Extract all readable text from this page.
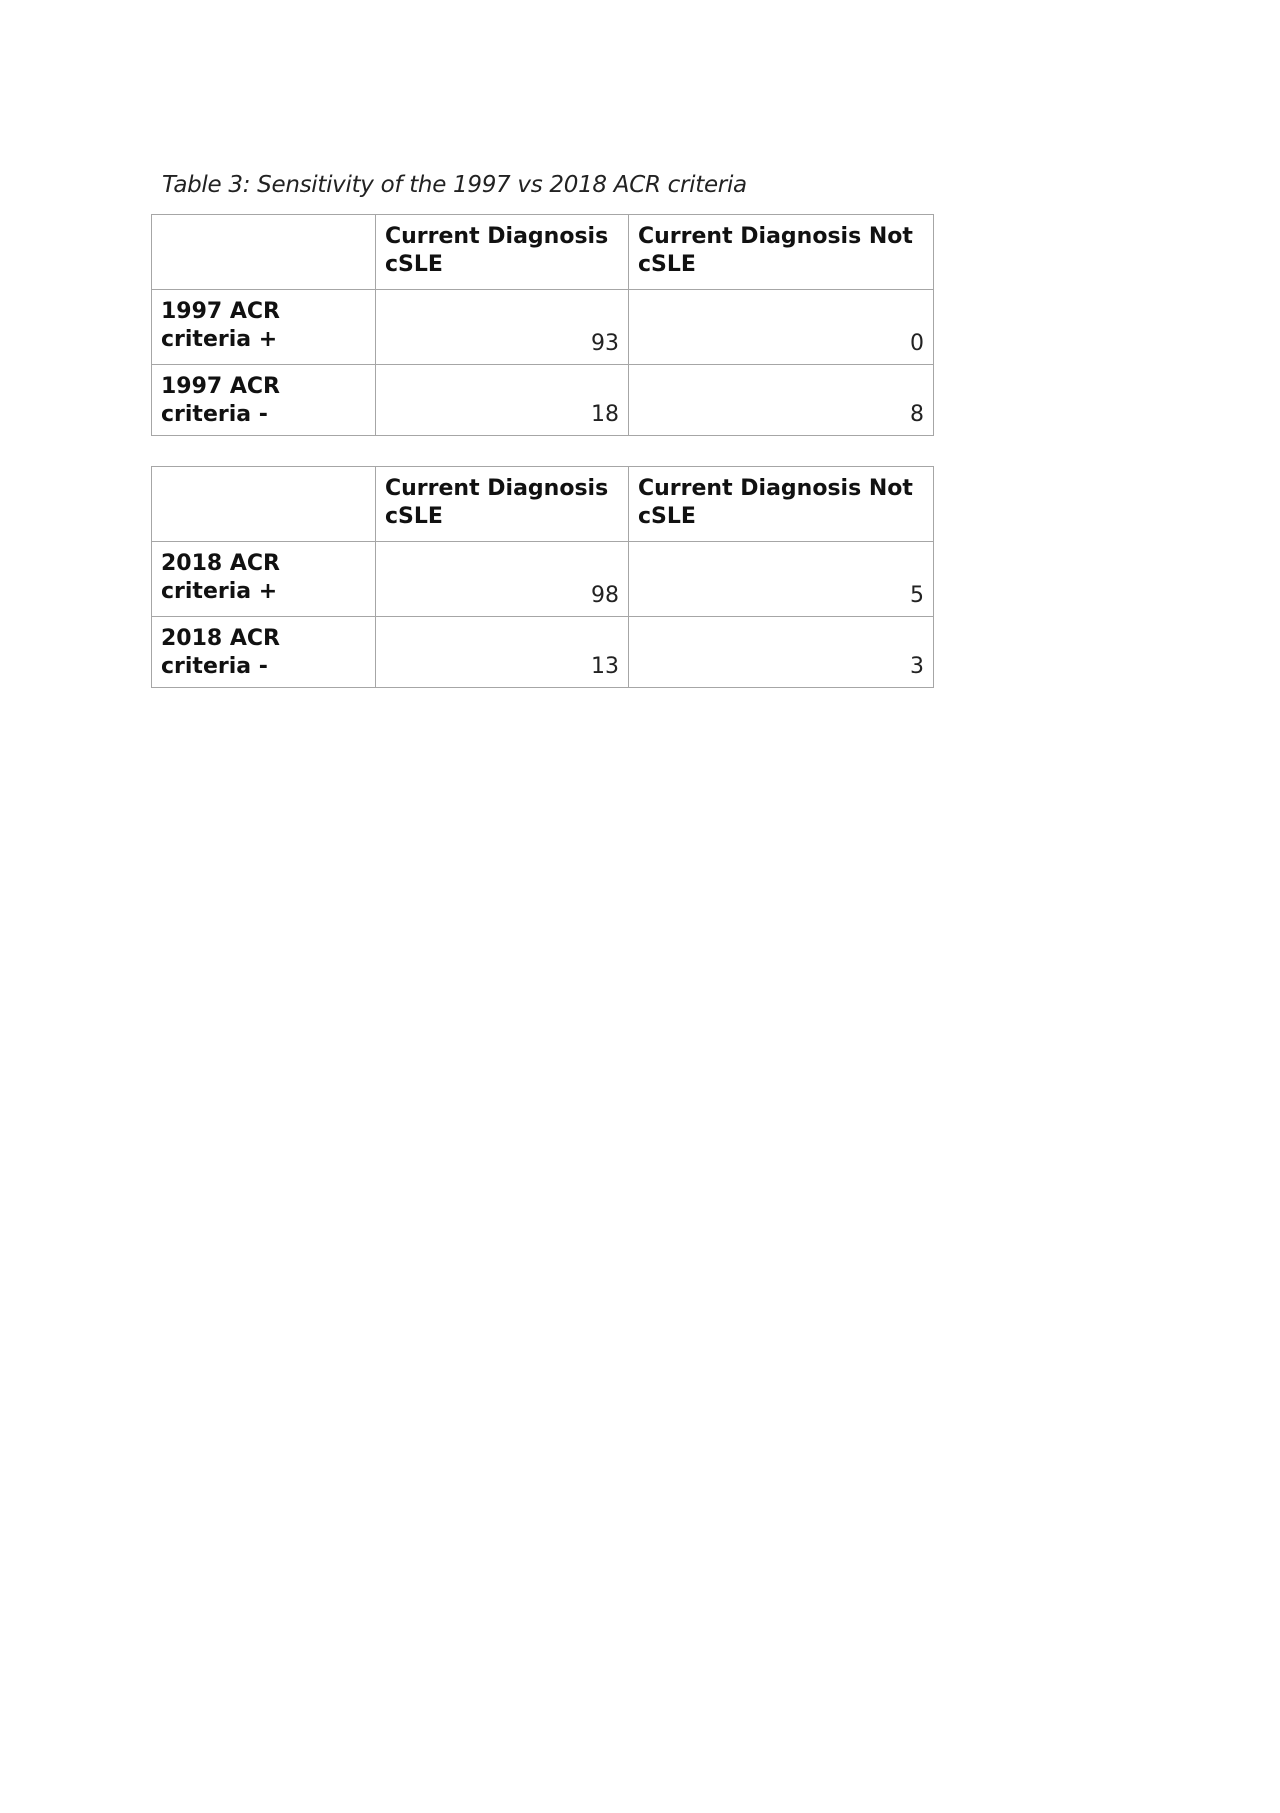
Table 3: Sensitivity of the 1997 vs 2018 ACR criteria
	Current Diagnosis cSLE	Current Diagnosis Not cSLE
1997 ACR criteria +	93	0
1997 ACR criteria -	18	8
	Current Diagnosis cSLE	Current Diagnosis Not cSLE
2018 ACR criteria +	98	5
2018 ACR criteria -	13	3
